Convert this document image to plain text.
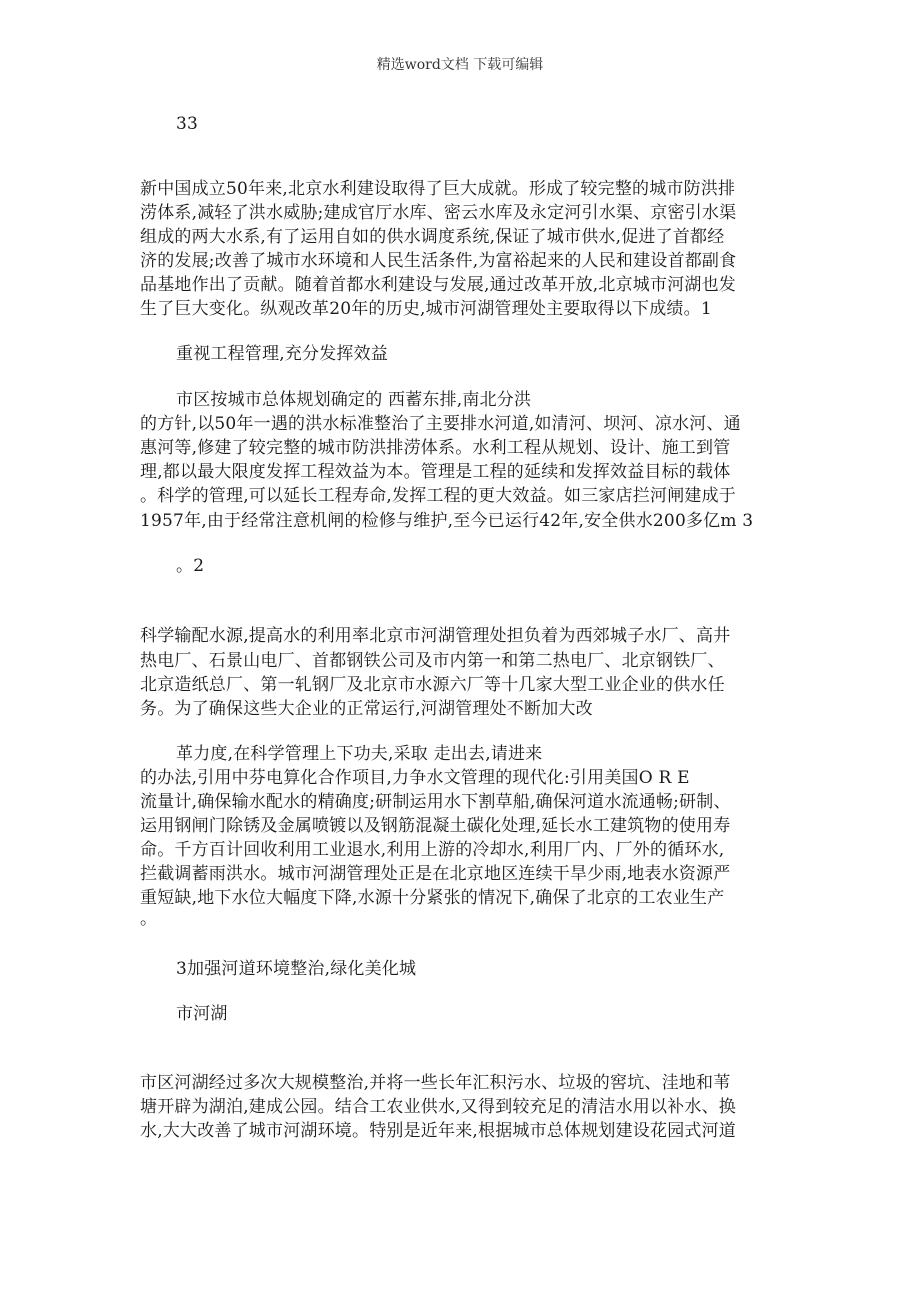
精选word文档 下载可编辑
33
新中国成立50年来,北京水利建设取得了巨大成就。形成了较完整的城市防洪排
涝体系,减轻了洪水威胁;建成官厅水库、密云水库及永定河引水渠、京密引水渠
组成的两大水系,有了运用自如的供水调度系统,保证了城市供水,促进了首都经
济的发展;改善了城市水环境和人民生活条件,为富裕起来的人民和建设首都副食
品基地作出了贡献。随着首都水利建设与发展,通过改革开放,北京城市河湖也发
生了巨大变化。纵观改革20年的历史,城市河湖管理处主要取得以下成绩。1
重视工程管理,充分发挥效益
市区按城市总体规划确定的 西蓄东排,南北分洪
的方针,以50年一遇的洪水标准整治了主要排水河道,如清河、坝河、凉水河、通
惠河等,修建了较完整的城市防洪排涝体系。水利工程从规划、设计、施工到管
理,都以最大限度发挥工程效益为本。管理是工程的延续和发挥效益目标的载体
。科学的管理,可以延长工程寿命,发挥工程的更大效益。如三家店拦河闸建成于
1957年,由于经常注意机闸的检修与维护,至今已运行42年,安全供水200多亿m 3
。2
科学输配水源,提高水的利用率北京市河湖管理处担负着为西郊城子水厂、高井
热电厂、石景山电厂、首都钢铁公司及市内第一和第二热电厂、北京钢铁厂、
北京造纸总厂、第一轧钢厂及北京市水源六厂等十几家大型工业企业的供水任
务。为了确保这些大企业的正常运行,河湖管理处不断加大改
革力度,在科学管理上下功夫,采取 走出去,请进来
的办法,引用中芬电算化合作项目,力争水文管理的现代化:引用美国O R E
流量计,确保输水配水的精确度;研制运用水下割草船,确保河道水流通畅;研制、
运用钢闸门除锈及金属喷镀以及钢筋混凝土碳化处理,延长水工建筑物的使用寿
命。千方百计回收利用工业退水,利用上游的冷却水,利用厂内、厂外的循环水,
拦截调蓄雨洪水。城市河湖管理处正是在北京地区连续干旱少雨,地表水资源严
重短缺,地下水位大幅度下降,水源十分紧张的情况下,确保了北京的工农业生产
。
3加强河道环境整治,绿化美化城
市河湖
市区河湖经过多次大规模整治,并将一些长年汇积污水、垃圾的窖坑、洼地和苇
塘开辟为湖泊,建成公园。结合工农业供水,又得到较充足的清洁水用以补水、换
水,大大改善了城市河湖环境。特别是近年来,根据城市总体规划建设花园式河道
